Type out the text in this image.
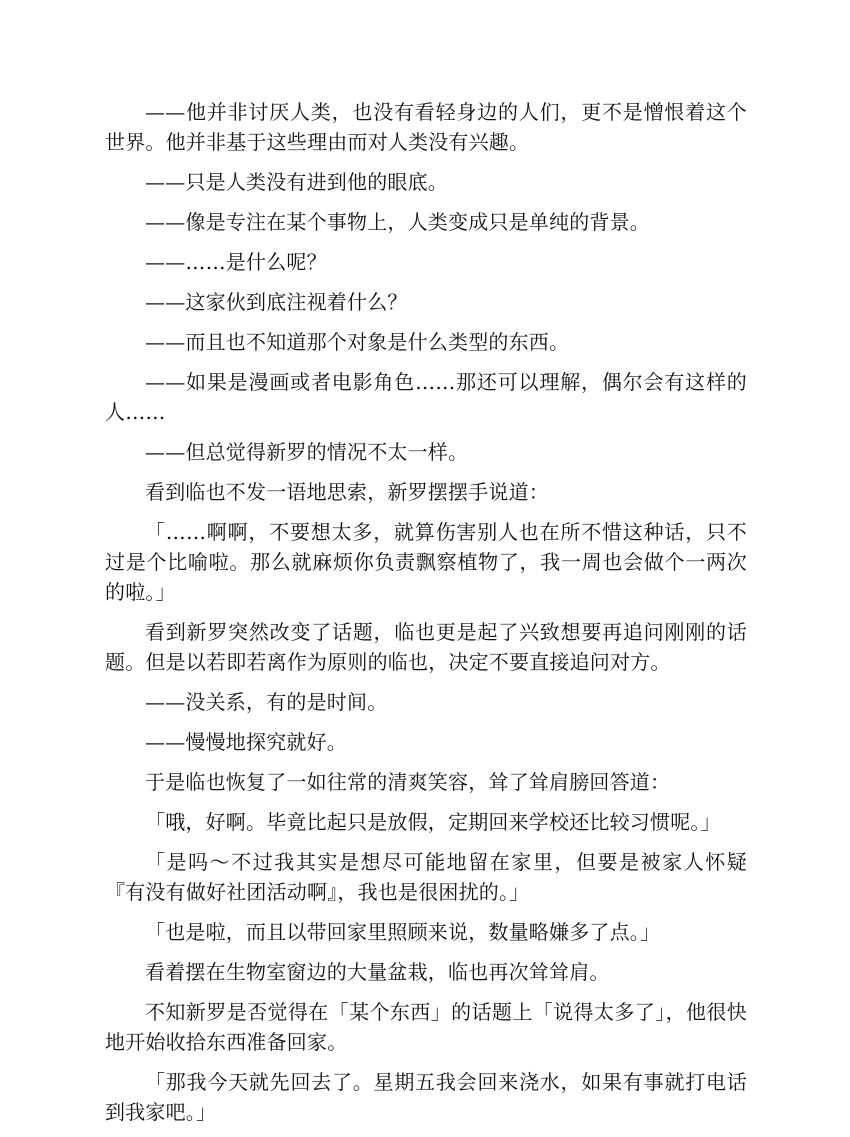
——他并非讨厌人类，也没有看轻身边的人们，更不是憎恨着这个世界。他并非基于这些理由而对人类没有兴趣。

——只是人类没有进到他的眼底。

——像是专注在某个事物上，人类变成只是单纯的背景。

——……是什么呢？

——这家伙到底注视着什么？

——而且也不知道那个对象是什么类型的东西。

——如果是漫画或者电影角色……那还可以理解，偶尔会有这样的人……

——但总觉得新罗的情况不太一样。

看到临也不发一语地思索，新罗摆摆手说道：

「……啊啊，不要想太多，就算伤害别人也在所不惜这种话，只不过是个比喻啦。那么就麻烦你负责飘察植物了，我一周也会做个一两次的啦。」

看到新罗突然改变了话题，临也更是起了兴致想要再追问刚刚的话题。但是以若即若离作为原则的临也，决定不要直接追问对方。

——没关系，有的是时间。

——慢慢地探究就好。

于是临也恢复了一如往常的清爽笑容，耸了耸肩膀回答道：

「哦，好啊。毕竟比起只是放假，定期回来学校还比较习惯呢。」

「是吗～不过我其实是想尽可能地留在家里，但要是被家人怀疑『有没有做好社团活动啊』，我也是很困扰的。」

「也是啦，而且以带回家里照顾来说，数量略嫌多了点。」

看着摆在生物室窗边的大量盆栽，临也再次耸耸肩。

不知新罗是否觉得在「某个东西」的话题上「说得太多了」，他很快地开始收拾东西准备回家。

「那我今天就先回去了。星期五我会回来浇水，如果有事就打电话到我家吧。」
